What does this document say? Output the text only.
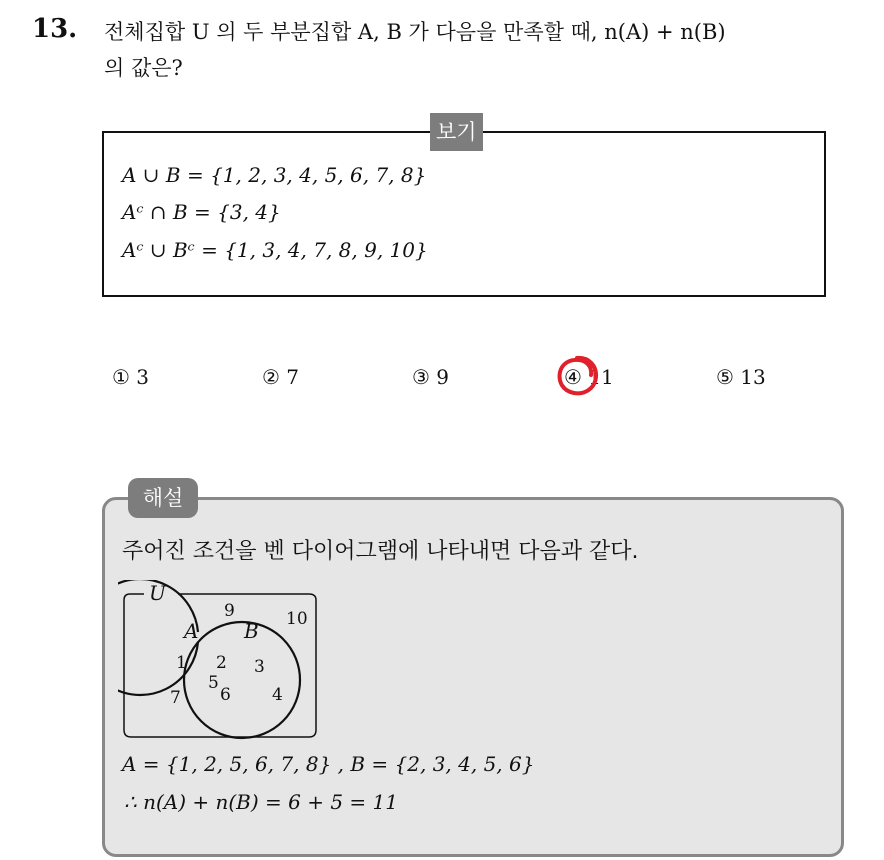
13. 전체집합 U 의 두 부분집합 A, B 가 다음을 만족할 때, n(A) + n(B)
의 값은?
보기
A ∪ B = {1, 2, 3, 4, 5, 6, 7, 8}
Aᶜ ∩ B = {3, 4}
Aᶜ ∪ Bᶜ = {1, 3, 4, 7, 8, 9, 10}
① 3	② 7	③ 9	④ 11	⑤ 13
해설
주어진 조건을 벤 다이어그램에 나타내면 다음과 같다.
U
A B
9	10
1
7
2
5
6
3
4
A = {1, 2, 5, 6, 7, 8} , B = {2, 3, 4, 5, 6}
∴ n(A) + n(B) = 6 + 5 = 11
